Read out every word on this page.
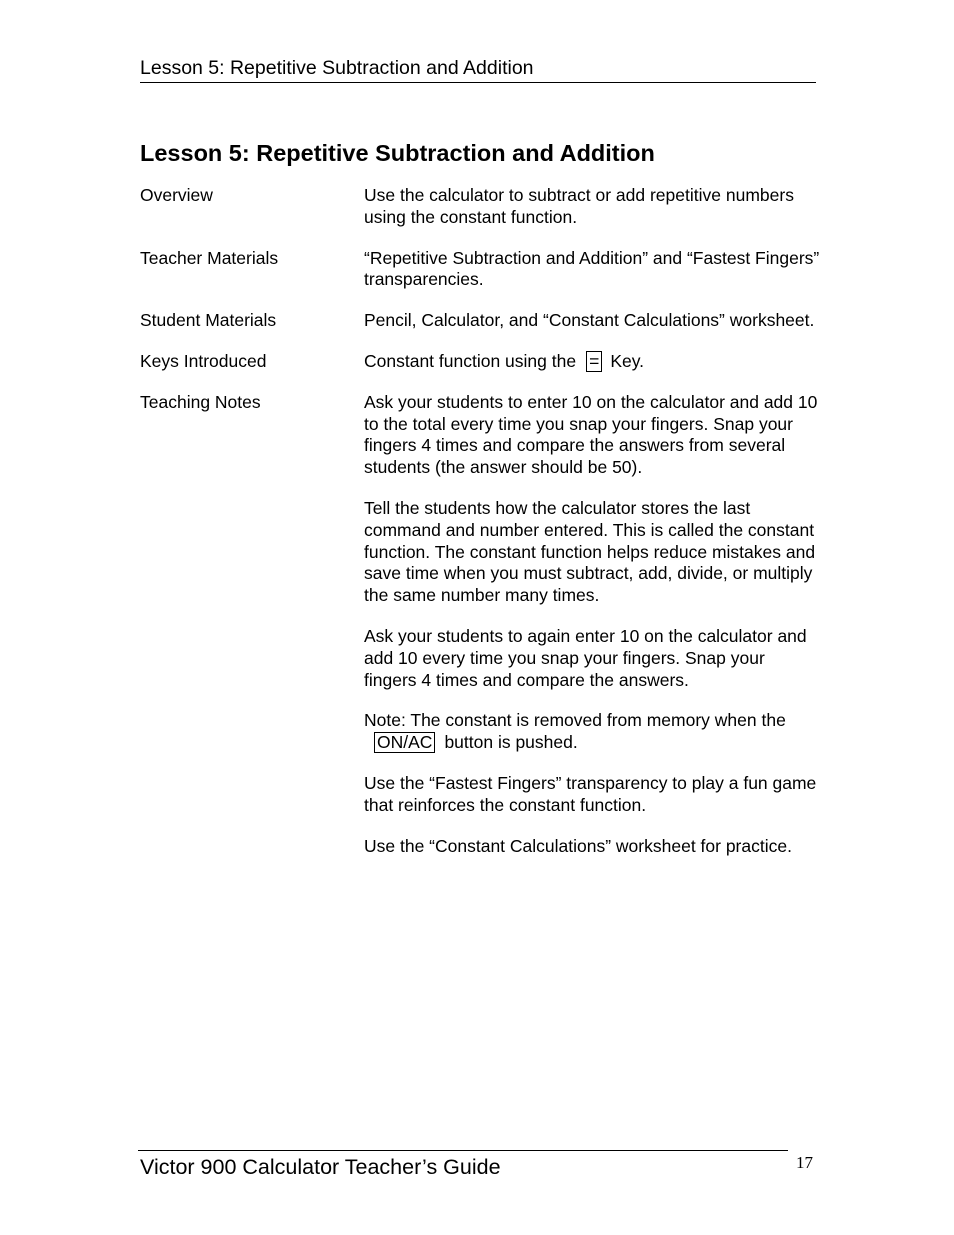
Lesson 5: Repetitive Subtraction and Addition
Lesson 5: Repetitive Subtraction and Addition
Overview	Use the calculator to subtract or add repetitive numbers using the constant function.
Teacher Materials	“Repetitive Subtraction and Addition” and “Fastest Fingers” transparencies.
Student Materials	Pencil, Calculator, and “Constant Calculations” worksheet.
Keys Introduced	Constant function using the = Key.
Teaching Notes	Ask your students to enter 10 on the calculator and add 10 to the total every time you snap your fingers. Snap your fingers 4 times and compare the answers from several students (the answer should be 50).

Tell the students how the calculator stores the last command and number entered. This is called the constant function. The constant function helps reduce mistakes and save time when you must subtract, add, divide, or multiply the same number many times.

Ask your students to again enter 10 on the calculator and add 10 every time you snap your fingers. Snap your fingers 4 times and compare the answers.

Note: The constant is removed from memory when theON/AC button is pushed.

Use the “Fastest Fingers” transparency to play a fun game that reinforces the constant function.

Use the “Constant Calculations” worksheet for practice.

Victor 900 Calculator Teacher’s Guide	17
